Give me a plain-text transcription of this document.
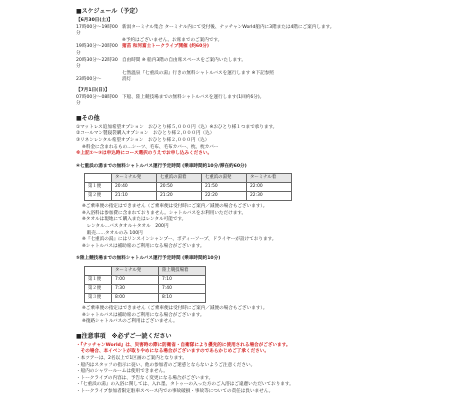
■スケジュール（予定）
【6月30日(土)】
17時00分〜19時00分
新潟ターミナル集合 ターミナル内にて受付後、ナッチャンWorld船内に3階または4階にご案内します。
※予約はございません。お席までのご案内です。
19時30分〜20時00分
猪苗 和河富士トークライブ開催 (約60分)
20時30分〜22時30分
自由時間 ※ 船内3階の自由席スペースをご案内いたします。
七然温泉『七重浜の湯』行きの無料シャトルバスを運行します ※下記参照
23時00分〜	消灯
【7月1日(日)】
07時00分〜08時00分
下船、陸上競技場までの無料シャトルバスを運行します(1回約6分)。
■その他
①マットレス追加希望オプション　おひとり様５,０００円（込）※おひとり様１つまで承ります。
②コールマン製寝袋購入オプション　おひとり様２,０００円（込）
③リネンレンタル希望オプション　おひとり様２,０００円（込）
※料金に含まれるもの…シーツ、毛布、毛布カバー、枕、枕カバー
※上記①〜③は申込時にコース選択のうえでお申し込みください。
④七重浜の湯までの無料シャトルバス運行予定時間 (乗車時間約10分/滞在約60分)
	ターミナル発	七重浜の湯着	七重浜の湯発	ターミナル着
第１便	20:40	20:50	21:50	22:00
第２便	21:10	21:20	22:20	22:30
※ご乗車便の指定はできません（ご乗車便は受付時にご案内／減便の場合もございます）。
※入浴料は参加費に含まれておりません。シャトルバスをお利用いただけます。
※タオルは現地にて購入またはレンタル可能です。
　レンタル…バスタオル＋タオル　200円
　販売……タオルのみ 100円
※『七重浜の湯』にはリンスインシャンプー、ボディーソープ、ドライヤーが設けております。
※シャトルバスは補助席のご利用になる場合がございます。
⑤陸上競技場までの無料シャトルバス運行予定時間 (乗車時間約10分)
	ターミナル発	陸上競技場着
第１便	7:00	7:10
第２便	7:30	7:40
第３便	8:00	8:10
※ご乗車便の指定はできません（ご乗車便は受付時にご案内／減便の場合もございます）。
※シャトルバスは補助席のご利用になる場合がございます。
※復路シャトルバスのご利用はございません。
■注意事項　※必ずご一読ください
・『ナッチャンWorld』は、災害時の際に防衛省・自衛隊により優先的に使用される場合がございます。
　その場合、本イベントが取りやめになる場合がございますのであらかじめご了承ください。
・本ツアーは、2名以上で1区画のご案内となります。
・船内はスタッフの指示に従い、他の参加者のご迷惑とならないようご注意ください。
・船内のシャワールームは使用できません。
・トークライブの内容は、予告なく変更になる場合がございます。
・『七重浜の湯』の入浴に関しては、入れ墨、タトゥーの入った方のご入浴はご遠慮いただいております。
・トークライブ参加者限定駐車スペース内での事故破損・事故等についての責任は負いません。
